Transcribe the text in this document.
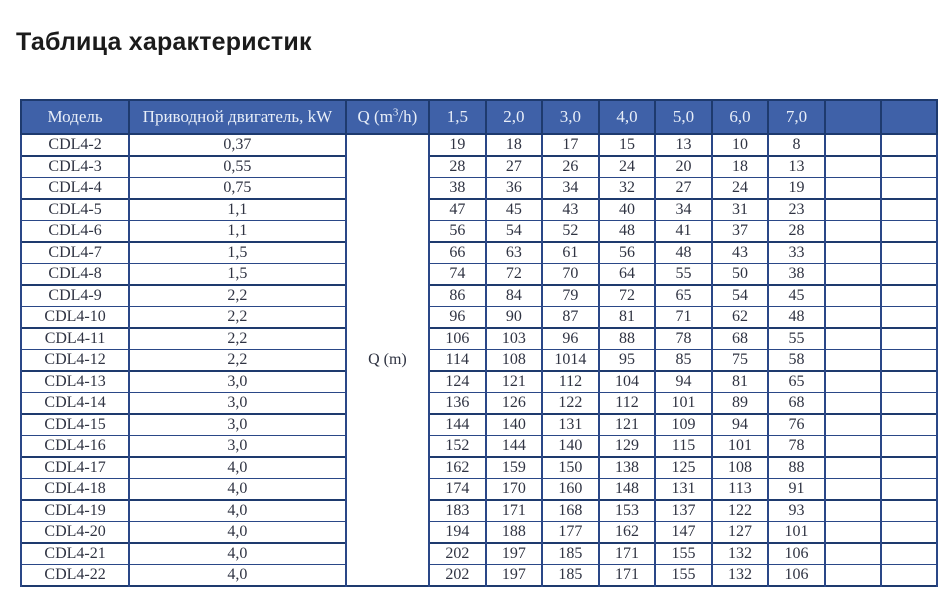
Таблица характеристик
Модель	Приводной двигатель, kW	Q $(m^3/h)$	1,5	2,0	3,0	4,0	5,0	6,0	7,0		
CDL4-2	0,37	Q (m)	19	18	17	15	13	10	8		
CDL4-3	0,55		28	27	26	24	20	18	13		
CDL4-4	0,75		38	36	34	32	27	24	19		
CDL4-5	1,1		47	45	43	40	34	31	23		
CDL4-6	1,1		56	54	52	48	41	37	28		
CDL4-7	1,5		66	63	61	56	48	43	33		
CDL4-8	1,5		74	72	70	64	55	50	38		
CDL4-9	2,2		86	84	79	72	65	54	45		
CDL4-10	2,2		96	90	87	81	71	62	48		
CDL4-11	2,2		106	103	96	88	78	68	55		
CDL4-12	2,2		114	108	1014	95	85	75	58		
CDL4-13	3,0		124	121	112	104	94	81	65		
CDL4-14	3,0		136	126	122	112	101	89	68		
CDL4-15	3,0		144	140	131	121	109	94	76		
CDL4-16	3,0		152	144	140	129	115	101	78		
CDL4-17	4,0		162	159	150	138	125	108	88		
CDL4-18	4,0		174	170	160	148	131	113	91		
CDL4-19	4,0		183	171	168	153	137	122	93		
CDL4-20	4,0		194	188	177	162	147	127	101		
CDL4-21	4,0		202	197	185	171	155	132	106		
CDL4-22	4,0		202	197	185	171	155	132	106		
